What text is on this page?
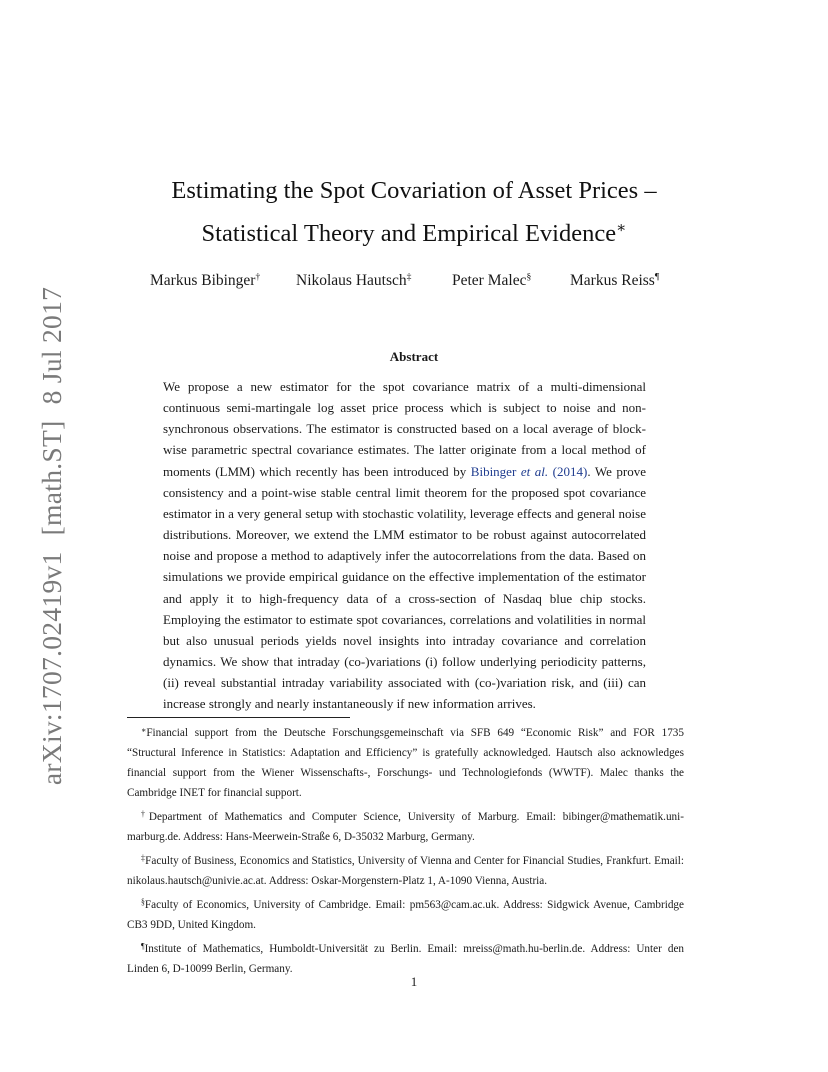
arXiv:1707.02419v1[math.ST]8 Jul 2017
Estimating the Spot Covariation of Asset Prices –
Statistical Theory and Empirical Evidence∗
Markus Bibinger† Nikolaus Hautsch‡	Peter Malec§	Markus Reiss¶
Abstract
We propose a new estimator for the spot covariance matrix of a multi-dimensional continuous semi-martingale log asset price process which is subject to noise and non-synchronous observations. The estimator is constructed based on a local average of block-wise parametric spectral covariance estimates. The latter originate from a local method of moments (LMM) which recently has been introduced by Bibinger et al. (2014). We prove consistency and a point-wise stable central limit theorem for the proposed spot covariance estimator in a very general setup with stochastic volatility, leverage effects and general noise distributions. Moreover, we extend the LMM estimator to be robust against autocorrelated noise and propose a method to adaptively infer the autocorrelations from the data. Based on simulations we provide empirical guidance on the effective implementation of the estimator and apply it to high-frequency data of a cross-section of Nasdaq blue chip stocks. Employing the estimator to estimate spot covariances, correlations and volatilities in normal but also unusual periods yields novel insights into intraday covariance and correlation dynamics. We show that intraday (co-)variations (i) follow underlying periodicity patterns, (ii) reveal substantial intraday variability associated with (co-)variation risk, and (iii) can increase strongly and nearly instantaneously if new information arrives.

∗Financial support from the Deutsche Forschungsgemeinschaft via SFB 649 “Economic Risk” and FOR 1735 “Structural Inference in Statistics: Adaptation and Efficiency” is gratefully acknowledged. Hautsch also acknowledges financial support from the Wiener Wissenschafts-, Forschungs- und Technologiefonds (WWTF). Malec thanks the Cambridge INET for financial support.

†Department of Mathematics and Computer Science, University of Marburg. Email: bibinger@mathematik.uni-marburg.de. Address: Hans-Meerwein-Straße 6, D-35032 Marburg, Germany.

‡Faculty of Business, Economics and Statistics, University of Vienna and Center for Financial Studies, Frankfurt. Email: nikolaus.hautsch@univie.ac.at. Address: Oskar-Morgenstern-Platz 1, A-1090 Vienna, Austria.

§Faculty of Economics, University of Cambridge. Email: pm563@cam.ac.uk. Address: Sidgwick Avenue, Cambridge CB3 9DD, United Kingdom.

¶Institute of Mathematics, Humboldt-Universität zu Berlin. Email: mreiss@math.hu-berlin.de. Address: Unter den Linden 6, D-10099 Berlin, Germany.

1
